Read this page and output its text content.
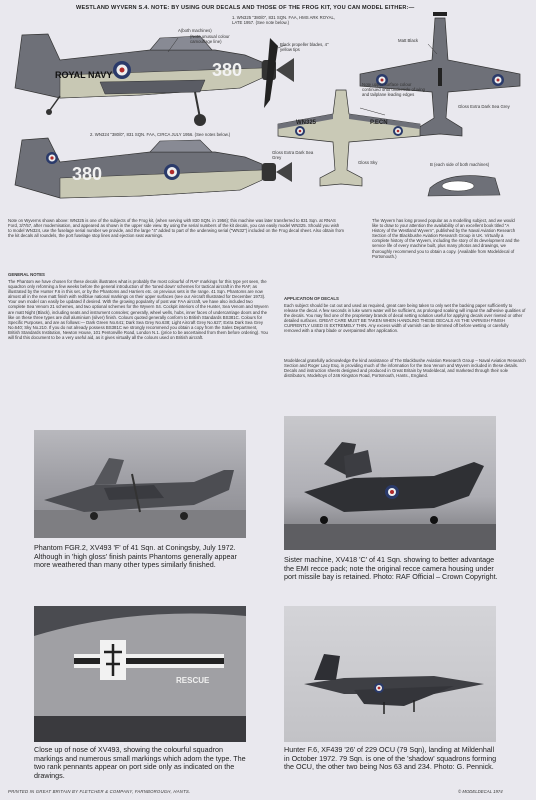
WESTLAND WYVERN S.4. NOTE: BY USING OUR DECALS AND THOSE OF THE FROG KIT, YOU CAN MODEL EITHER:—
1. WN325 "380/0", 831 SQN. FAA, HMS ARK ROYAL, LATE 1957. (See note below.)
2. WN324 "380/0", 831 SQN. FAA, CIRCA JULY 1956. (See notes below.)
A(both machines)
(Note unusual colour camouflage line)
Black propeller blades, 4" yellow tips
Matt Black
Gloss Extra Dark Sea Grey
Note upper surface colour continued onto underside of wing and tailplane leading edges
Gloss Extra Dark Sea Grey
Gloss Sky	B (each side of both machines)
ROYAL NAVY	380
380
WN325	P.ECN
Note on Wyverns shown above: WN325 is one of the subjects of the Frog kit, (when serving with 830 SQN. in 1956); this machine was later transferred to 831 Sqn. at RNAS Ford, 3/7/57, after modernisation, and appeared as shown in the upper side view. By using the serial numbers of the kit decals, you can easily model WN325. Should you wish to model WN324, use the fuselage serial number we provide, and the large "4" added to part of the underwing serial ("WN32") included on the Frog decal sheet. Also obtain from the kit decals all roundels, the port fuselage stop lines and ejection seat warnings.
The Wyvern has long proved popular as a modelling subject, and we would like to draw to your attention the availability of an excellent book titled "A History of the Westland Wyvern", published by the Naval Aviation Research Section of the Blackbushe Aviation Research Group in UK. Virtually a complete history of the Wyvern, including the story of its development and the service life of every machine built, plus many photos and drawings, we thoroughly recommend you to obtain a copy. (Available from Modeldecal of Portsmouth.)
GENERAL NOTES
The Phantom we have chosen for these decals illustrates what is probably the most colourful of RAF markings for this type yet seen, the squadron only reforming a few weeks before the general introduction of the 'toned down' schemes for tactical aircraft in the RAF, as illustrated by the Hunter F.6 in this set, or by the Phantoms and Harriers etc. on previous sets in the range. 41 Sqn. Phantoms are now almost all in the new matt finish with red/blue national markings on their upper surfaces (see our Aircraft Illustrated for December 1973). Your own model can easily be updated if desired. With the growing popularity of post war FAA aircraft, we have also included two complete Sea Venom 21 schemes, and two optional schemes for the Wyvern S4. Cockpit interiors of the Hunter, Sea Venom and Wyvern are matt Night (Black), including seats and instrument consoles; generally, wheel wells, hubs, inner faces of undercarriage doors and the like on these three types are dull aluminium (silver) finish. Colours quoted generally conform to British Standards BS381C. Colours for Specific Purposes, and are as follows:— Dark Green No.641; Dark Sea Grey No.638; Light Aircraft Grey No.627; Extra Dark Sea Grey No.640; Sky No.210. If you do not already possess BS381C we strongly recommend you obtain a copy from the Sales Department, British Standards Institution, Newton House, 101 Pentonville Road, London N.1. (price to be ascertained from them before ordering). You will find this document to be a very useful aid, as it gives virtually all the colours used on British aircraft.
APPLICATION OF DECALS
Each subject should be cut out and used as required, great care being taken to only wet the backing paper sufficiently to release the decal. A few seconds in luke warm water will be sufficient, as prolonged soaking will impair the adhesive qualities of the decals. You may find one of the proprietary brands of decal setting solution useful for applying decals over riveted or other detailed surfaces. GREAT CARE MUST BE TAKEN WHEN HANDLING THESE DECALS AS THE VARNISH FINISH CURRENTLY USED IS EXTREMELY THIN. Any excess width of varnish can be trimmed off before wetting or carefully removed with a sharp blade or overpainted after application.
Modeldecal gratefully acknowledge the kind assistance of The Blackbushe Aviation Research Group – Naval Aviation Research Section and Roger Lacy Esq. in providing much of the information for the Sea Venom and Wyvern included in these details. Decals and instruction sheets designed and produced in Great Britain by Modeldecal, and marketed through their sole distributors, Modeltoys of 246 Kingston Road, Portsmouth, Hants., England.
Phantom FGR.2, XV493 'F' of 41 Sqn. at Coningsby, July 1972. Although in 'high gloss' finish paints Phantoms generally appear more weathered than many other types similarly finished.
Sister machine, XV418 'C' of 41 Sqn. showing to better advantage the EMI recce pack; note the original recce camera housing under port missile bay is retained. Photo: RAF Official – Crown Copyright.
RESCUE
Close up of nose of XV493, showing the colourful squadron markings and numerous small markings which adorn the type. The two rank pennants appear on port side only as indicated on the drawings.
Hunter F.6, XF439 '26' of 229 OCU (79 Sqn), landing at Mildenhall in October 1972. 79 Sqn. is one of the 'shadow' squadrons forming the OCU, the other two being Nos 63 and 234. Photo: G. Pennick.
PRINTED IN GREAT BRITAIN BY FLETCHER & COMPANY, FARNBOROUGH, HANTS.	© MODELDECAL 1974
